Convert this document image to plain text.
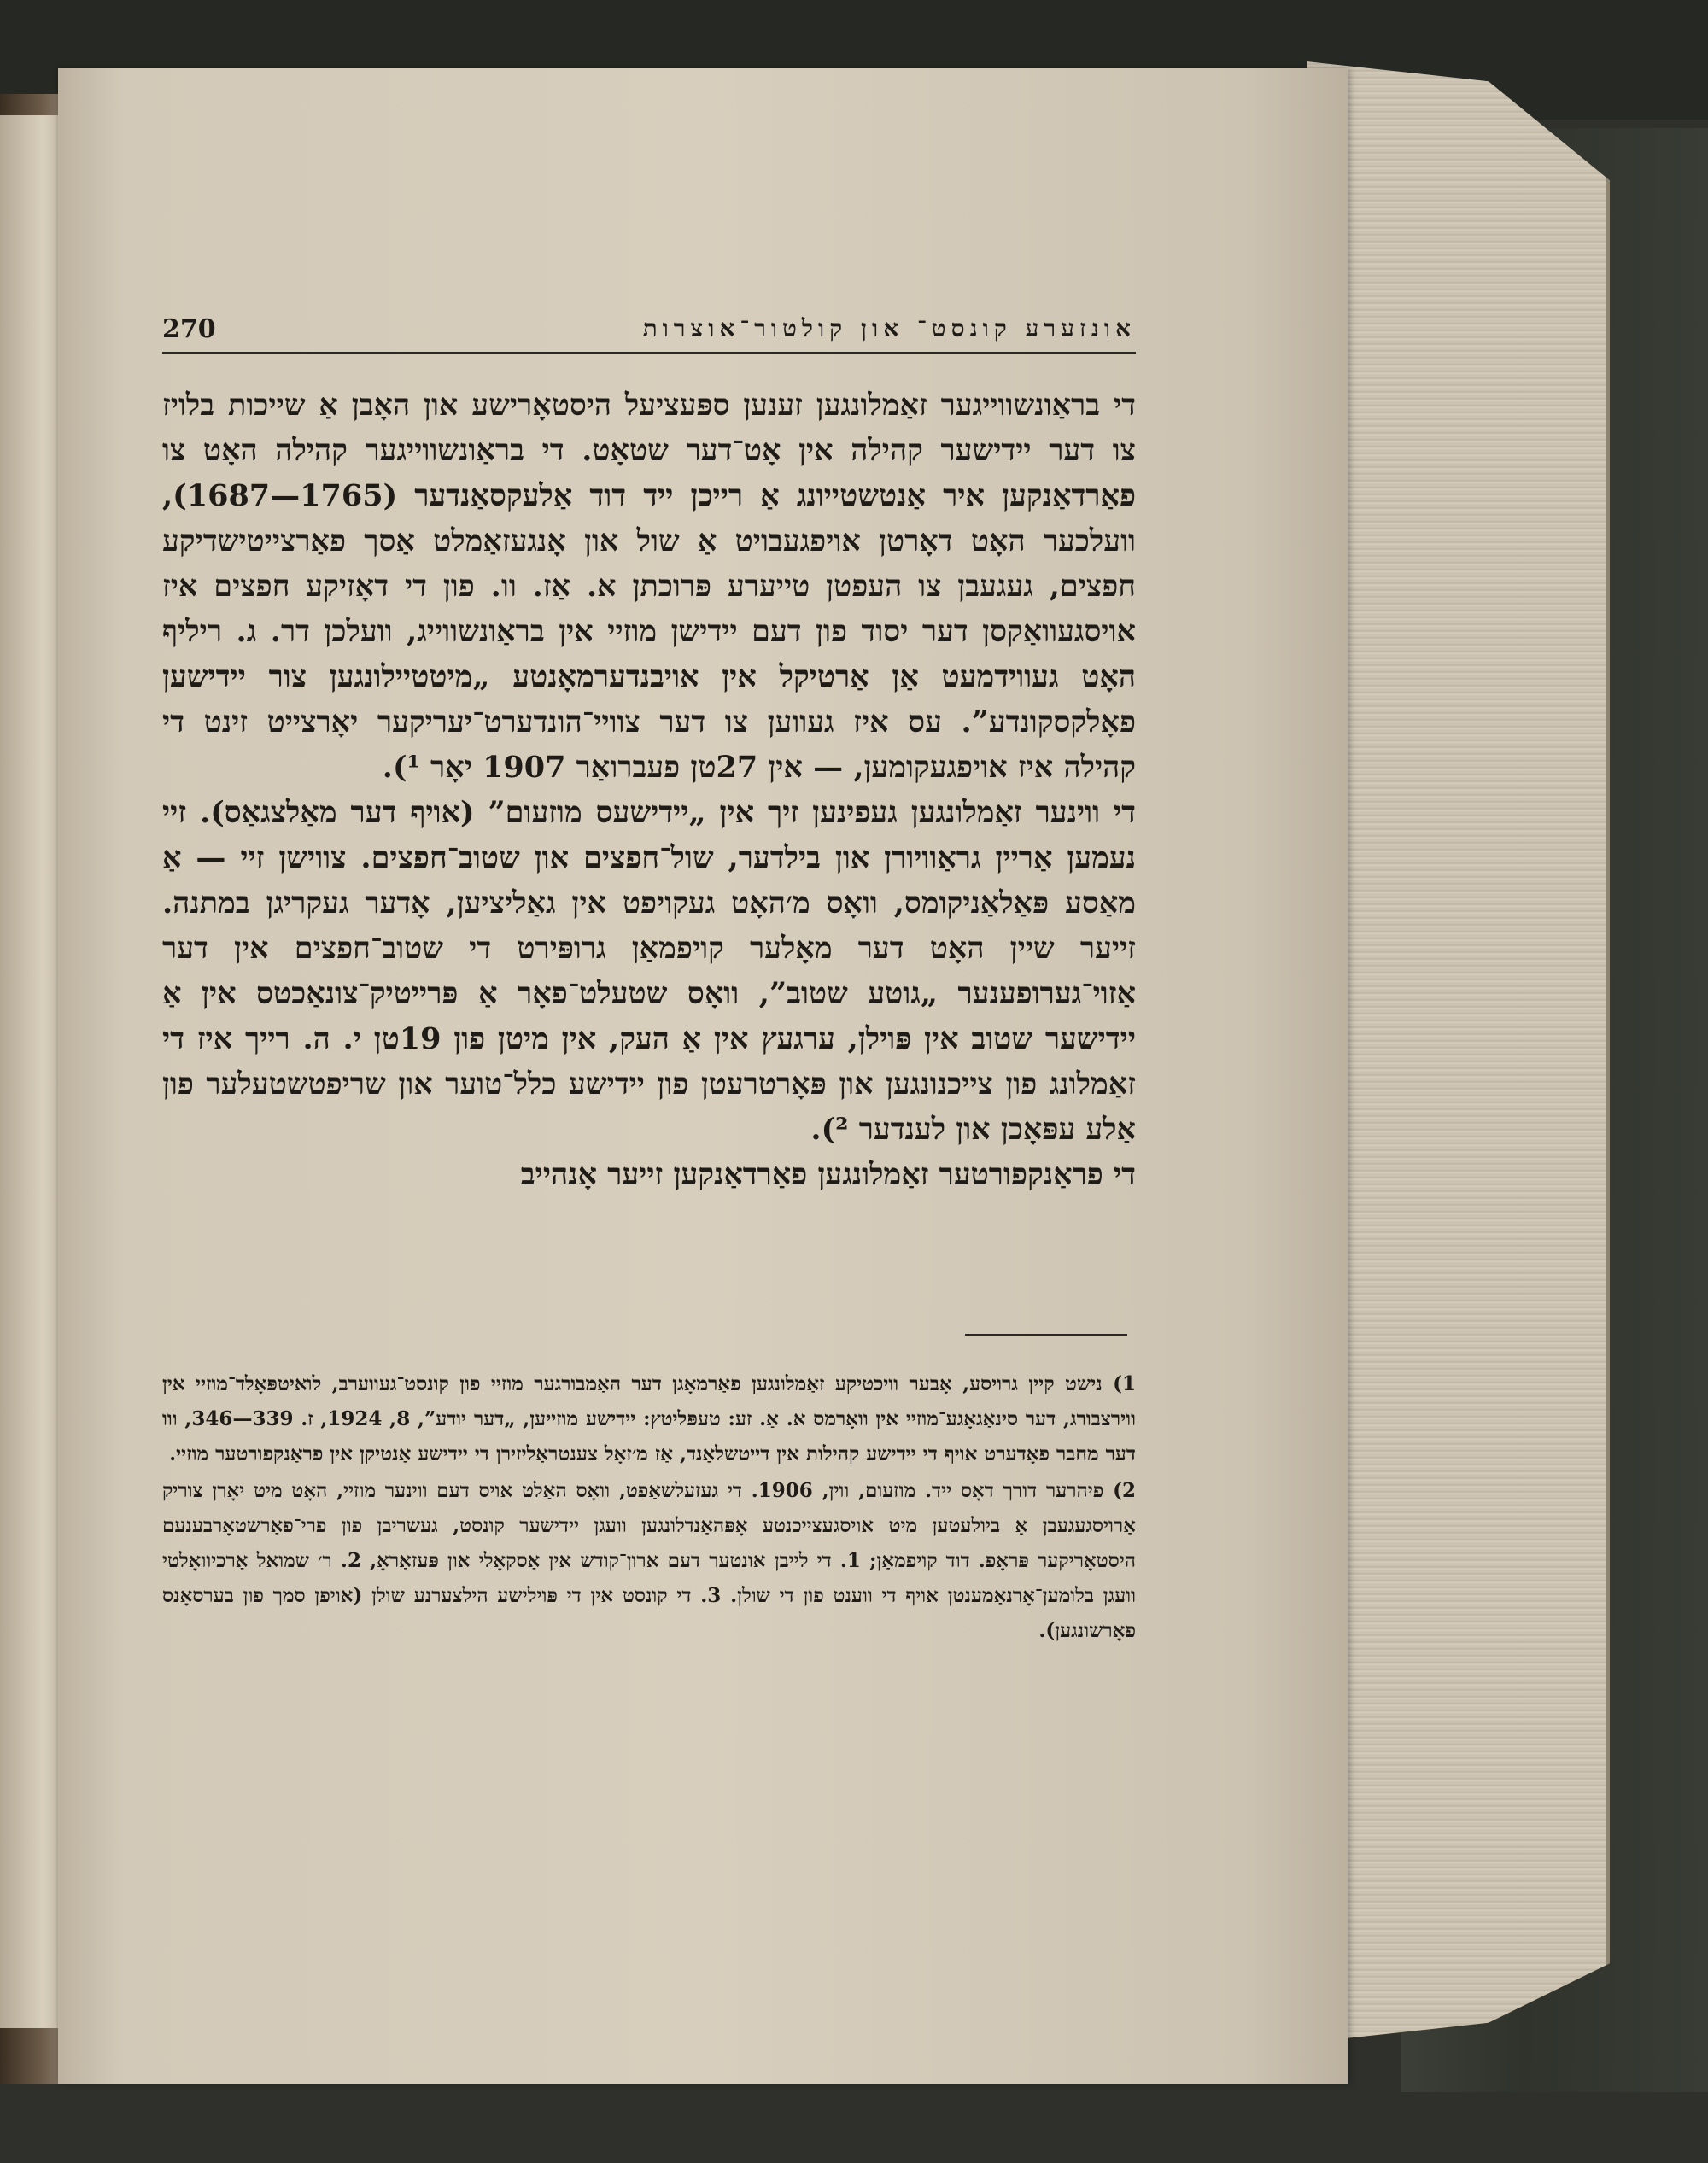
אונזערע קונסט־ און קולטור־אוצרות
270

די בראַונשווייגער זאַמלונגען זענען ספּעציעל היסטאָרישע און האָבן אַ שייכות בלויז צו דער יידישער קהילה אין אָט־דער שטאָט. די בראַונשווייגער קהילה האָט צו פאַרדאַנקען איר אַנטשטייונג אַ רייכן ייד דוד אַלעקסאַנדער (1765—1687), וועלכער האָט דאָרטן אויפגעבויט אַ שול און אָנגעזאַמלט אַסך פאַרצייטישדיקע חפצים, געגעבן צו העפטן טייערע פּרוכתן א. אַז. וו. פון די דאָזיקע חפצים איז אויסגעוואַקסן דער יסוד פון דעם יידישן מוזיי אין בראַונשווייג, וועלכן דר. ג. ריליף האָט געווידמעט אַן אַרטיקל אין אויבנדערמאָנטע „מיטטיילונגען צור יידישען פאָלקסקונדע”. עס איז געווען צו דער צוויי־הונדערט־יעריקער יאָרצייט זינט די קהילה איז אויפגעקומען, — אין 27טן פעברואַר 1907 יאָר ¹).

די ווינער זאַמלונגען געפינען זיך אין „יידישעס מוזעום” (אויף דער מאַלצגאַס). זיי נעמען אַריין גראַוויורן און בילדער, שול־חפצים און שטוב־חפצים. צווישן זיי — אַ מאַסע פּאַלאַניקומס, וואָס מ׳האָט געקויפט אין גאַליציען, אָדער געקריגן במתנה. זייער שיין האָט דער מאָלער קויפמאַן גרופּירט די שטוב־חפצים אין דער אַזוי־גערופענער „גוטע שטוב”, וואָס שטעלט־פאָר אַ פּרייטיק־צונאַכטס אין אַ יידישער שטוב אין פּוילן, ערגעץ אין אַ העק, אין מיטן פון 19טן י. ה. רייך איז די זאַמלונג פון צייכנונגען און פּאָרטרעטן פון יידישע כלל־טוער און שריפטשטעלער פון אַלע עפּאָכן און לענדער ²).

די פראַנקפורטער זאַמלונגען פאַרדאַנקען זייער אָנהייב

1) נישט קיין גרויסע, אָבער וויכטיקע זאַמלונגען פאַרמאָגן דער האַמבורגער מוזיי פון קונסט־געווערב, לואיטפּאָלד־מוזיי אין ווירצבורג, דער סינאַגאָגע־מוזיי אין וואָרמס א. אַ. זע: טעפּליטץ: יידישע מוזייען, „דער יודע”, 8, 1924, ז. 339—346, ווו דער מחבר פאָדערט אויף די יידישע קהילות אין דייטשלאַנד, אַז מ׳זאָל צענטראַליזירן די יידישע אַנטיקן אין פראַנקפורטער מוזיי.

2) פיהרער דורך דאָס ייד. מוזעום, ווין, 1906. די געזעלשאַפט, וואָס האַלט אויס דעם ווינער מוזיי, האָט מיט יאָרן צוריק אַרויסגעגעבן אַ ביולעטען מיט אויסגעצייכנטע אָפּהאַנדלונגען וועגן יידישער קונסט, געשריבן פון פרי־פאַרשטאָרבענעם היסטאָריקער פּראָפ. דוד קויפמאַן; 1. די לייבן אונטער דעם ארון־קודש אין אַסקאָלי און פּעזאַראָ, 2. ר׳ שמואל אַרכיוואָלטי וועגן בלומען־אָרנאַמענטן אויף די ווענט פון די שולן. 3. די קונסט אין די פּוילישע הילצערנע שולן (אויפן סמך פון בערסאָנס פאָרשונגען).
